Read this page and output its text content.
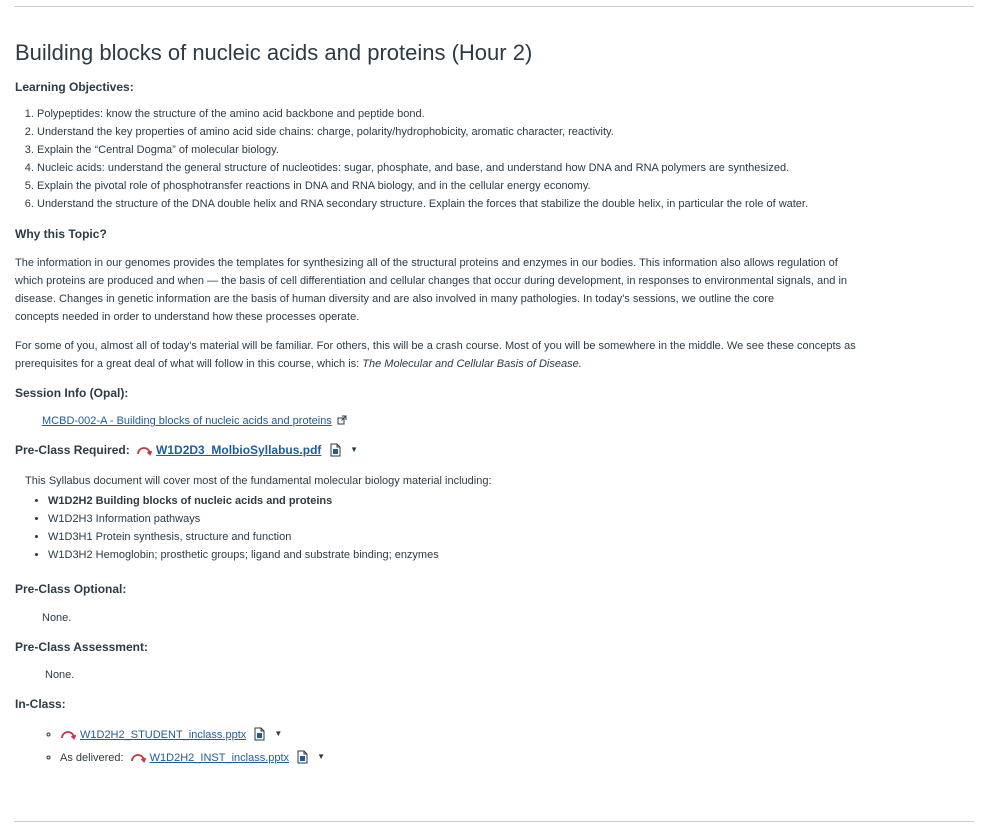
Building blocks of nucleic acids and proteins (Hour 2)
Learning Objectives:
1. Polypeptides: know the structure of the amino acid backbone and peptide bond.
2. Understand the key properties of amino acid side chains: charge, polarity/hydrophobicity, aromatic character, reactivity.
3. Explain the “Central Dogma” of molecular biology.
4. Nucleic acids: understand the general structure of nucleotides: sugar, phosphate, and base, and understand how DNA and RNA polymers are synthesized.
5. Explain the pivotal role of phosphotransfer reactions in DNA and RNA biology, and in the cellular energy economy.
6. Understand the structure of the DNA double helix and RNA secondary structure. Explain the forces that stabilize the double helix, in particular the role of water.
Why this Topic?

The information in our genomes provides the templates for synthesizing all of the structural proteins and enzymes in our bodies. This information also allows regulation of
which proteins are produced and when — the basis of cell differentiation and cellular changes that occur during development, in responses to environmental signals, and in
disease. Changes in genetic information are the basis of human diversity and are also involved in many pathologies. In today's sessions, we outline the core
concepts needed in order to understand how these processes operate.

For some of you, almost all of today's material will be familiar. For others, this will be a crash course. Most of you will be somewhere in the middle. We see these concepts as
prerequisites for a great deal of what will follow in this course, which is: The Molecular and Cellular Basis of Disease.

Session Info (Opal):
MCBD-002-A - Building blocks of nucleic acids and proteins
Pre-Class Required: W1D2D3_MolbioSyllabus.pdf	▼

This Syllabus document will cover most of the fundamental molecular biology material including:

• W1D2H2 Building blocks of nucleic acids and proteins
• W1D2H3 Information pathways
• W1D3H1 Protein synthesis, structure and function
• W1D3H2 Hemoglobin; prosthetic groups; ligand and substrate binding; enzymes
Pre-Class Optional:

None.

Pre-Class Assessment:

None.

In-Class:
◦ W1D2H2_STUDENT_inclass.pptx	▼
◦ As delivered: W1D2H2_INST_inclass.pptx	▼
